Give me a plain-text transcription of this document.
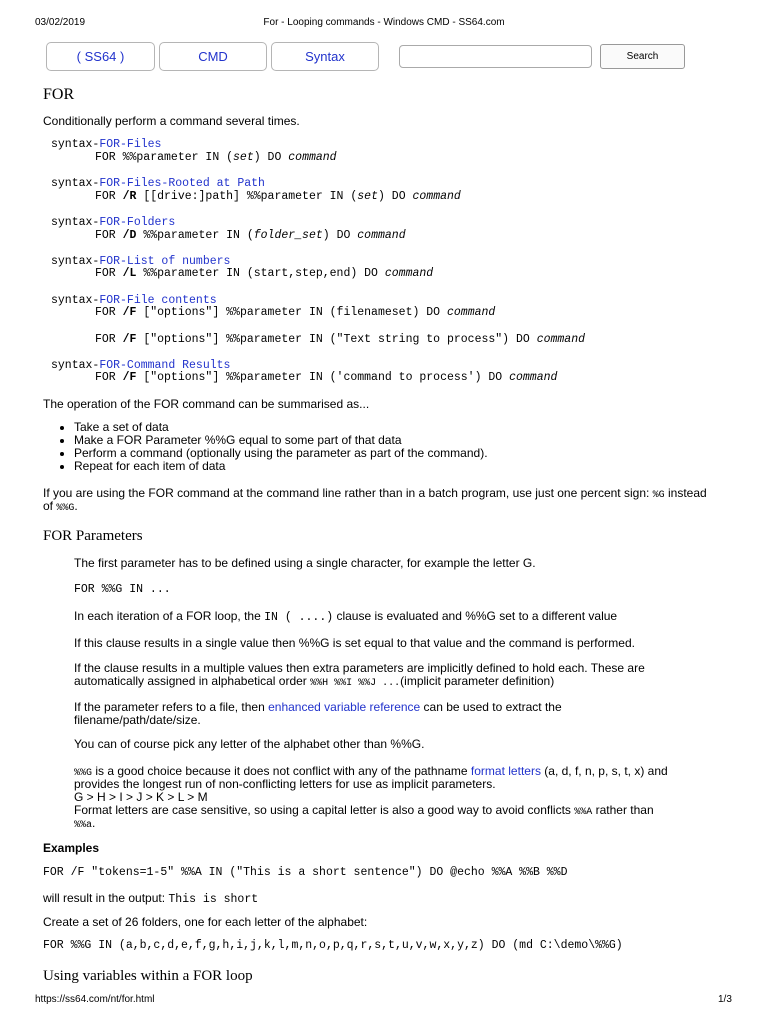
03/02/2019	For - Looping commands - Windows CMD - SS64.com
( SS64 )	CMD	Syntax	Search
FOR
Conditionally perform a command several times.
syntax-FOR-Files
FOR %%parameter IN (set) DO command
syntax-FOR-Files-Rooted at Path
FOR /R [[drive:]path] %%parameter IN (set) DO command
syntax-FOR-Folders
FOR /D %%parameter IN (folder_set) DO command
syntax-FOR-List of numbers
FOR /L %%parameter IN (start,step,end) DO command
syntax-FOR-File contents
FOR /F ["options"] %%parameter IN (filenameset) DO command
FOR /F ["options"] %%parameter IN ("Text string to process") DO command
syntax-FOR-Command Results
FOR /F ["options"] %%parameter IN ('command to process') DO command
The operation of the FOR command can be summarised as...
• Take a set of data
• Make a FOR Parameter %%G equal to some part of that data
• Perform a command (optionally using the parameter as part of the command).
• Repeat for each item of data
If you are using the FOR command at the command line rather than in a batch program, use just one percent sign: %G instead
of %%G.
FOR Parameters
The first parameter has to be defined using a single character, for example the letter G.
FOR %%G IN ...
In each iteration of a FOR loop, the IN ( ....) clause is evaluated and %%G set to a different value
If this clause results in a single value then %%G is set equal to that value and the command is performed.
If the clause results in a multiple values then extra parameters are implicitly defined to hold each. These are
automatically assigned in alphabetical order %%H %%I %%J ...(implicit parameter definition)
If the parameter refers to a file, then enhanced variable reference can be used to extract the
filename/path/date/size.
You can of course pick any letter of the alphabet other than %%G.
%%G is a good choice because it does not conflict with any of the pathname format letters (a, d, f, n, p, s, t, x) and
provides the longest run of non-conflicting letters for use as implicit parameters.
G > H > I > J > K > L > M
Format letters are case sensitive, so using a capital letter is also a good way to avoid conflicts %%A rather than
%%a.
Examples
FOR /F "tokens=1-5" %%A IN ("This is a short sentence") DO @echo %%A %%B %%D
will result in the output: This is short
Create a set of 26 folders, one for each letter of the alphabet:
FOR %%G IN (a,b,c,d,e,f,g,h,i,j,k,l,m,n,o,p,q,r,s,t,u,v,w,x,y,z) DO (md C:\demo\%%G)
Using variables within a FOR loop
https://ss64.com/nt/for.html	1/3
